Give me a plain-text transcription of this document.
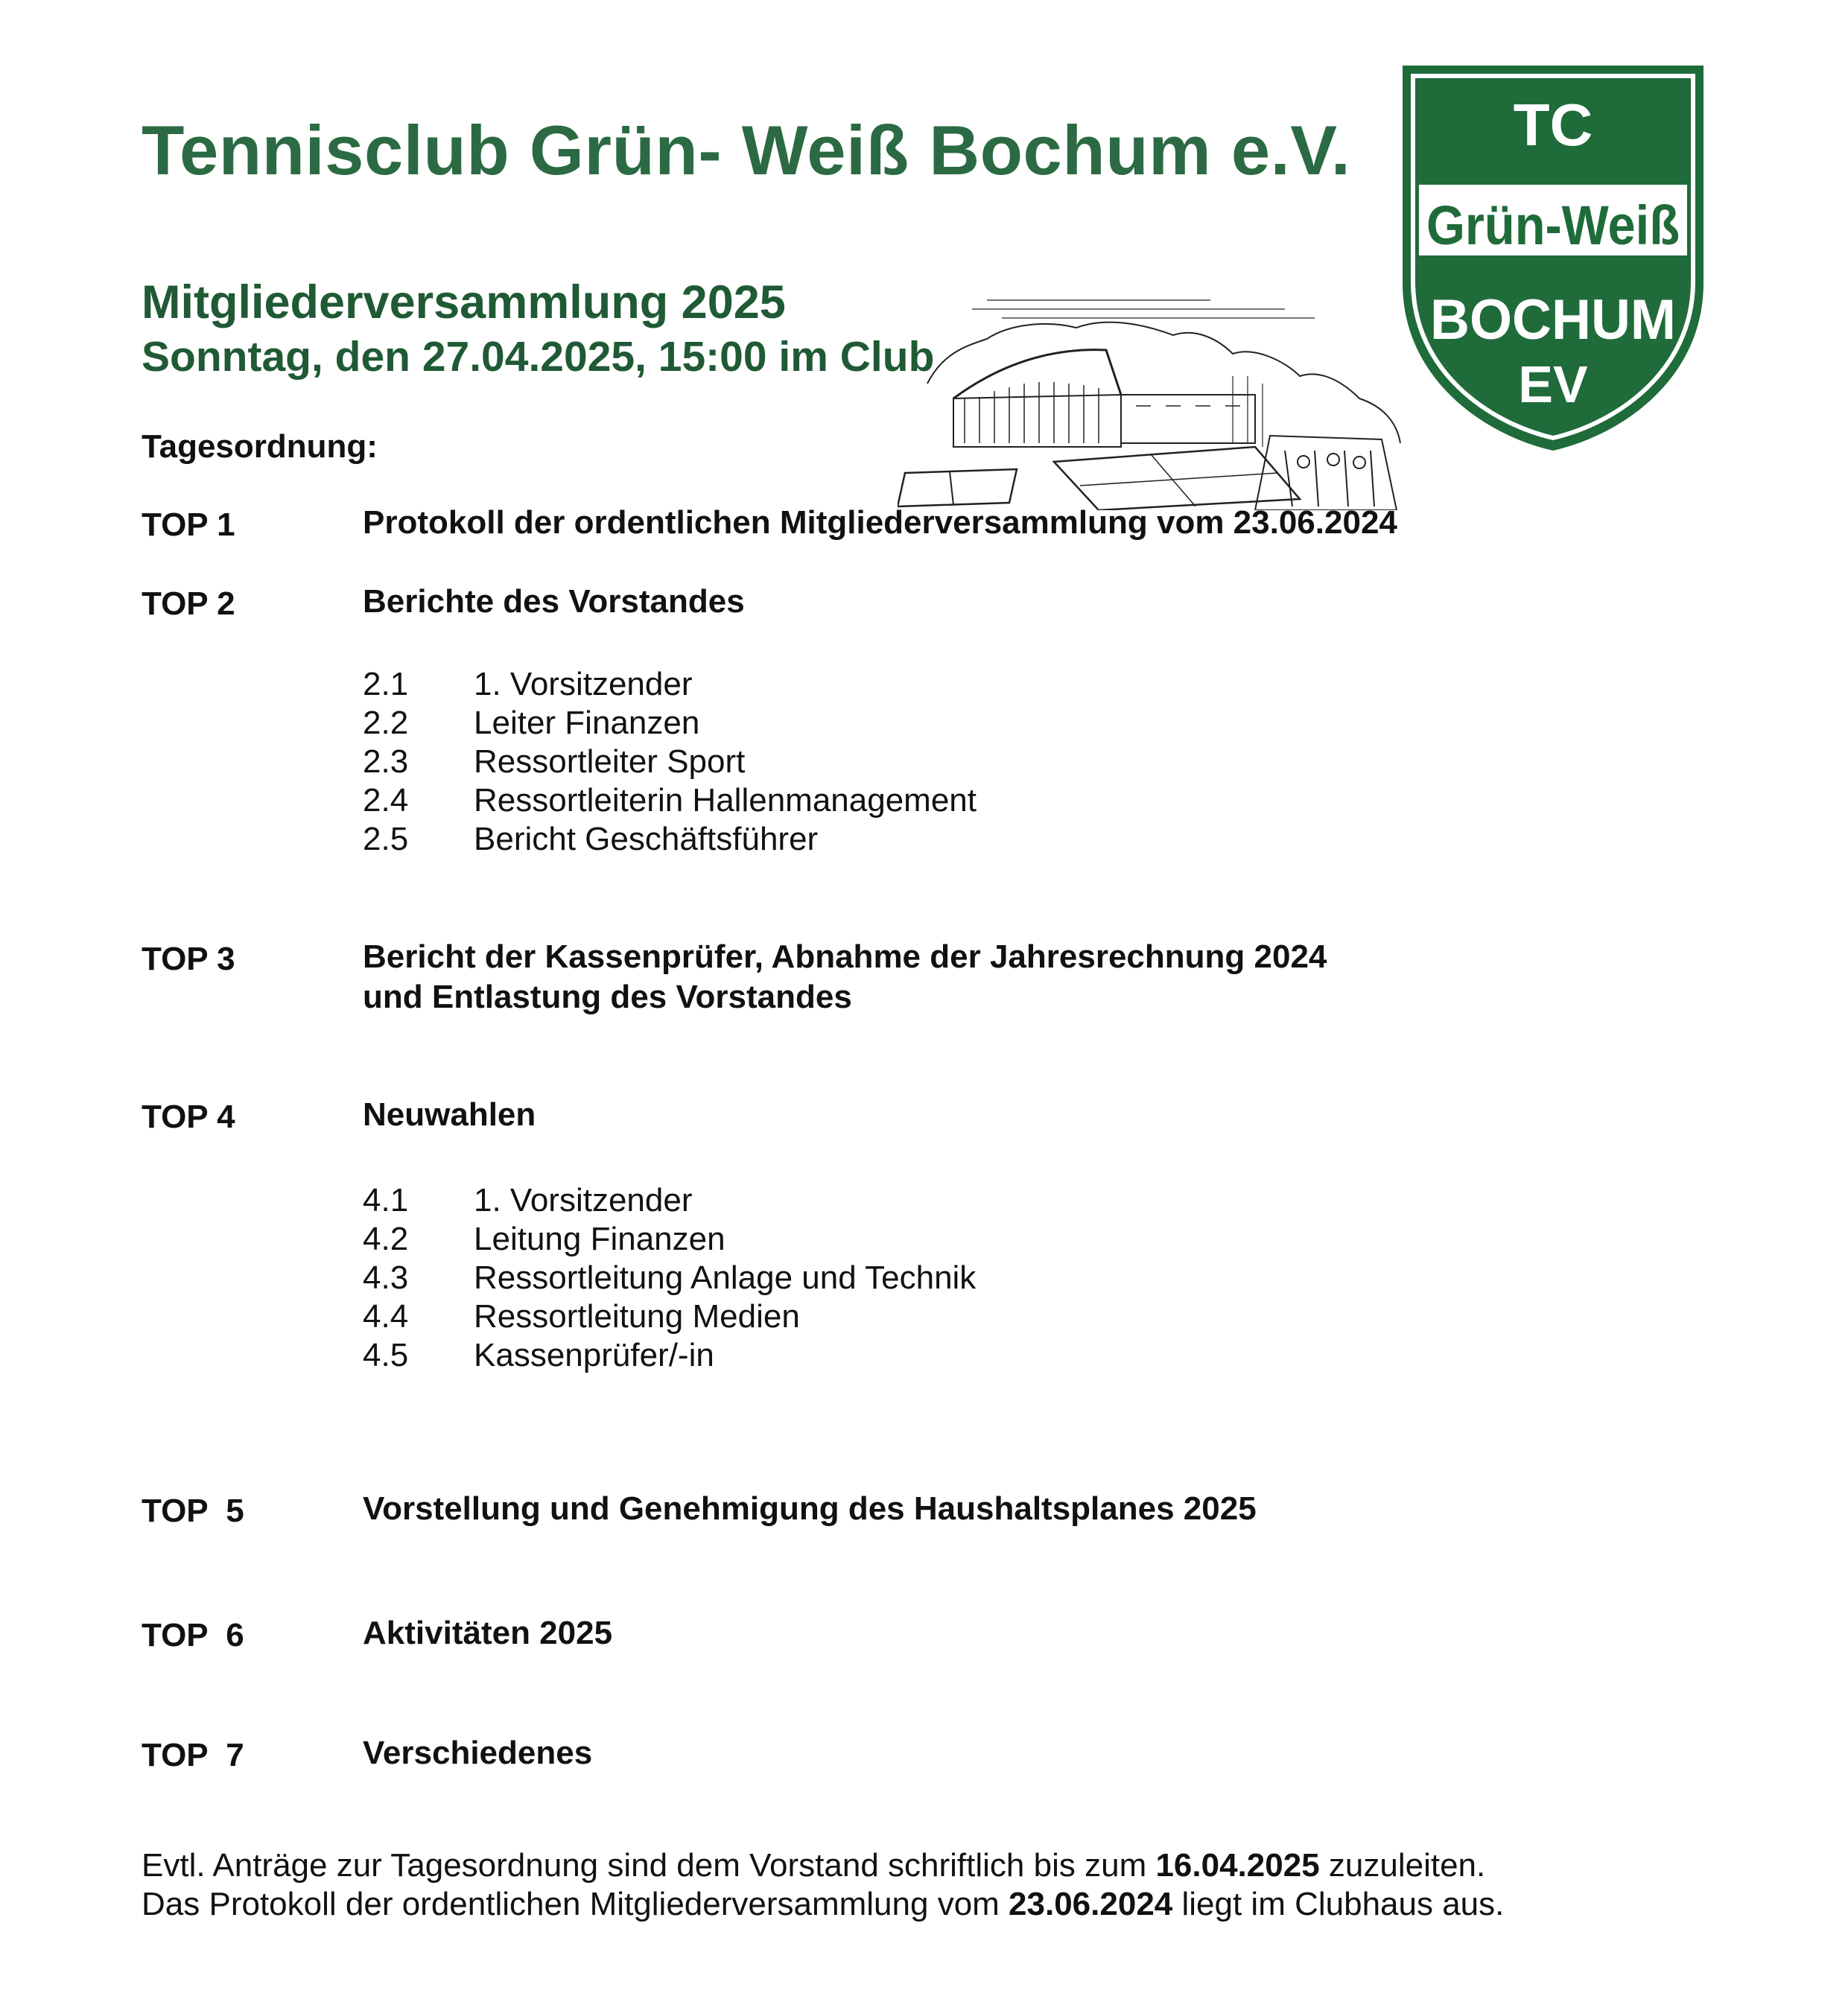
Tennisclub Grün- Weiß Bochum e.V.
Mitgliederversammlung 2025
Sonntag, den 27.04.2025, 15:00 im Club
TC
Grün-Weiß
BOCHUM
EV
Tagesordnung:
TOP 1	Protokoll der ordentlichen Mitgliederversammlung vom 23.06.2024
TOP 2	Berichte des Vorstandes
2.1 1. Vorsitzender
2.2 Leiter Finanzen
2.3 Ressortleiter Sport
2.4 Ressortleiterin Hallenmanagement
2.5 Bericht Geschäftsführer
TOP 3	Bericht der Kassenprüfer, Abnahme der Jahresrechnung 2024
und Entlastung des Vorstandes
TOP 4	Neuwahlen
4.1 1. Vorsitzender
4.2 Leitung Finanzen
4.3 Ressortleitung Anlage und Technik
4.4 Ressortleitung Medien
4.5 Kassenprüfer/-in
TOP  5	Vorstellung und Genehmigung des Haushaltsplanes 2025
TOP  6	Aktivitäten 2025
TOP  7	Verschiedenes
Evtl. Anträge zur Tagesordnung sind dem Vorstand schriftlich bis zum 16.04.2025 zuzuleiten.
Das Protokoll der ordentlichen Mitgliederversammlung vom 23.06.2024 liegt im Clubhaus aus.
